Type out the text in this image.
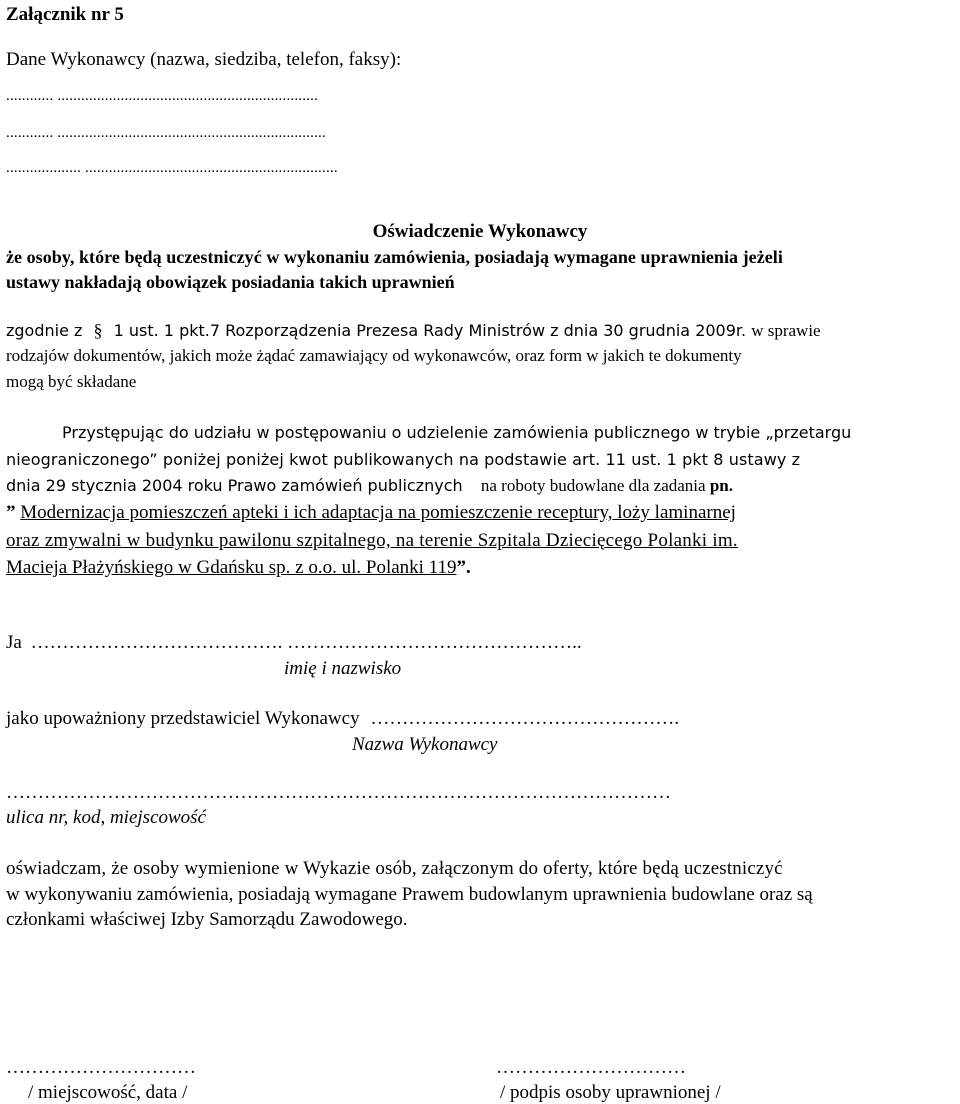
Załącznik nr 5
Dane Wykonawcy (nazwa, siedziba, telefon, faksy):
............ ..................................................................
............ ....................................................................
................... ................................................................
Oświadczenie Wykonawcy
że osoby, które będą uczestniczyć w wykonaniu zamówienia, posiadają wymagane uprawnienia jeżeli
ustawy nakładają obowiązek posiadania takich uprawnień
zgodnie z § 1 ust. 1 pkt.7 Rozporządzenia Prezesa Rady Ministrów z dnia 30 grudnia 2009r. w sprawie
rodzajów dokumentów, jakich może żądać zamawiający od wykonawców, oraz form w jakich te dokumenty
mogą być składane
Przystępując do udziału w postępowaniu o udzielenie zamówienia publicznego w trybie „przetargu
nieograniczonego” poniżej poniżej kwot publikowanych na podstawie art. 11 ust. 1 pkt 8 ustawy z
dnia 29 stycznia 2004 roku Prawo zamówień publicznych na roboty budowlane dla zadania pn.
” Modernizacja pomieszczeń apteki i ich adaptacja na pomieszczenie receptury, loży laminarnej
oraz zmywalni w budynku pawilonu szpitalnego, na terenie Szpitala Dziecięcego Polanki im.
Macieja Płażyńskiego w Gdańsku sp. z o.o. ul. Polanki 119”.
Ja …………………………………. ………………………………………..
imię i nazwisko
jako upoważniony przedstawiciel Wykonawcy ………………………………………….
Nazwa Wykonawcy
……………………………………………………………………………………………
ulica nr, kod, miejscowość
oświadczam, że osoby wymienione w Wykazie osób, załączonym do oferty, które będą uczestniczyć
w wykonywaniu zamówienia, posiadają wymagane Prawem budowlanym uprawnienia budowlane oraz są
członkami właściwej Izby Samorządu Zawodowego.
…………………………
/ miejscowość, data /
…………………………
/ podpis osoby uprawnionej /
